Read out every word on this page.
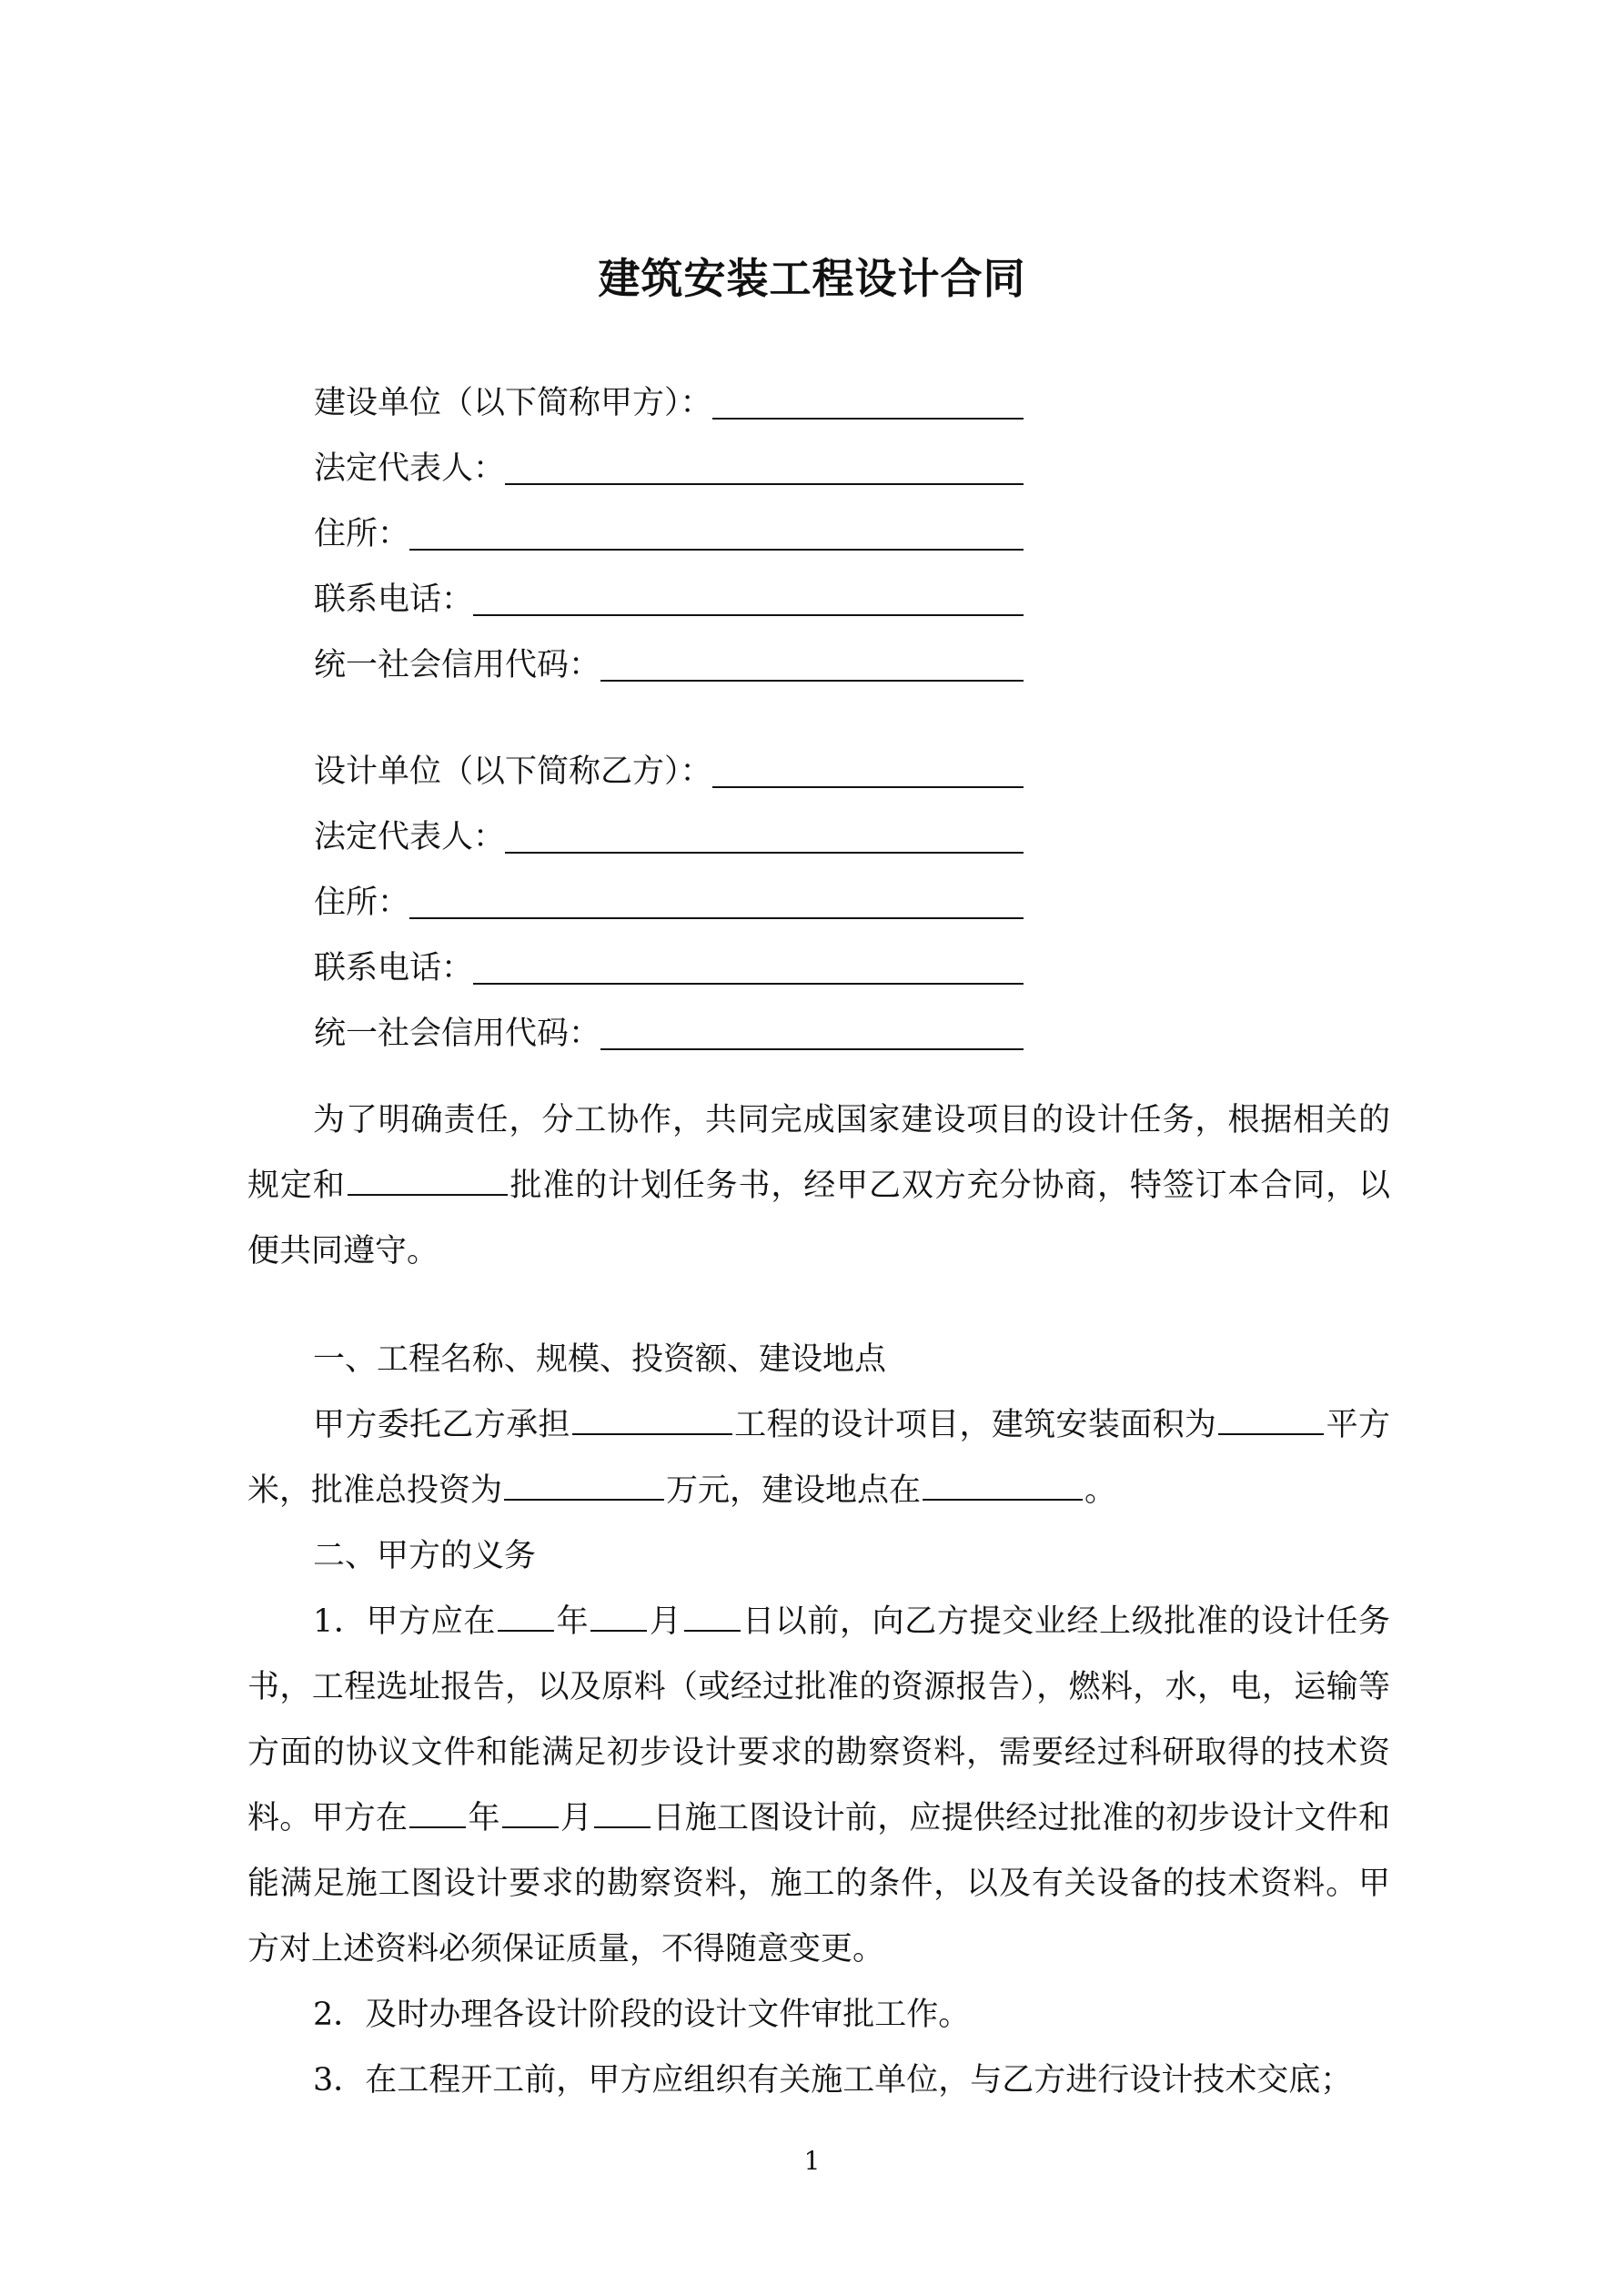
建筑安装工程设计合同
建设单位（以下简称甲方）：
法定代表人：
住所：
联系电话：
统一社会信用代码：
设计单位（以下简称乙方）：
法定代表人：
住所：
联系电话：
统一社会信用代码：

为了明确责任，分工协作，共同完成国家建设项目的设计任务，根据相关的规定和	批准的计划任务书，经甲乙双方充分协商，特签订本合同，以便共同遵守。

一、工程名称、规模、投资额、建设地点

甲方委托乙方承担	工程的设计项目，建筑安装面积为	平方米，批准总投资为	万元，建设地点在	。

二、甲方的义务

1．甲方应在 年 月 日以前，向乙方提交业经上级批准的设计任务书，工程选址报告，以及原料（或经过批准的资源报告），燃料，水，电，运输等方面的协议文件和能满足初步设计要求的勘察资料，需要经过科研取得的技术资料。甲方在 年 月 日施工图设计前，应提供经过批准的初步设计文件和能满足施工图设计要求的勘察资料，施工的条件，以及有关设备的技术资料。甲方对上述资料必须保证质量，不得随意变更。

2．及时办理各设计阶段的设计文件审批工作。

3．在工程开工前，甲方应组织有关施工单位，与乙方进行设计技术交底；

1
